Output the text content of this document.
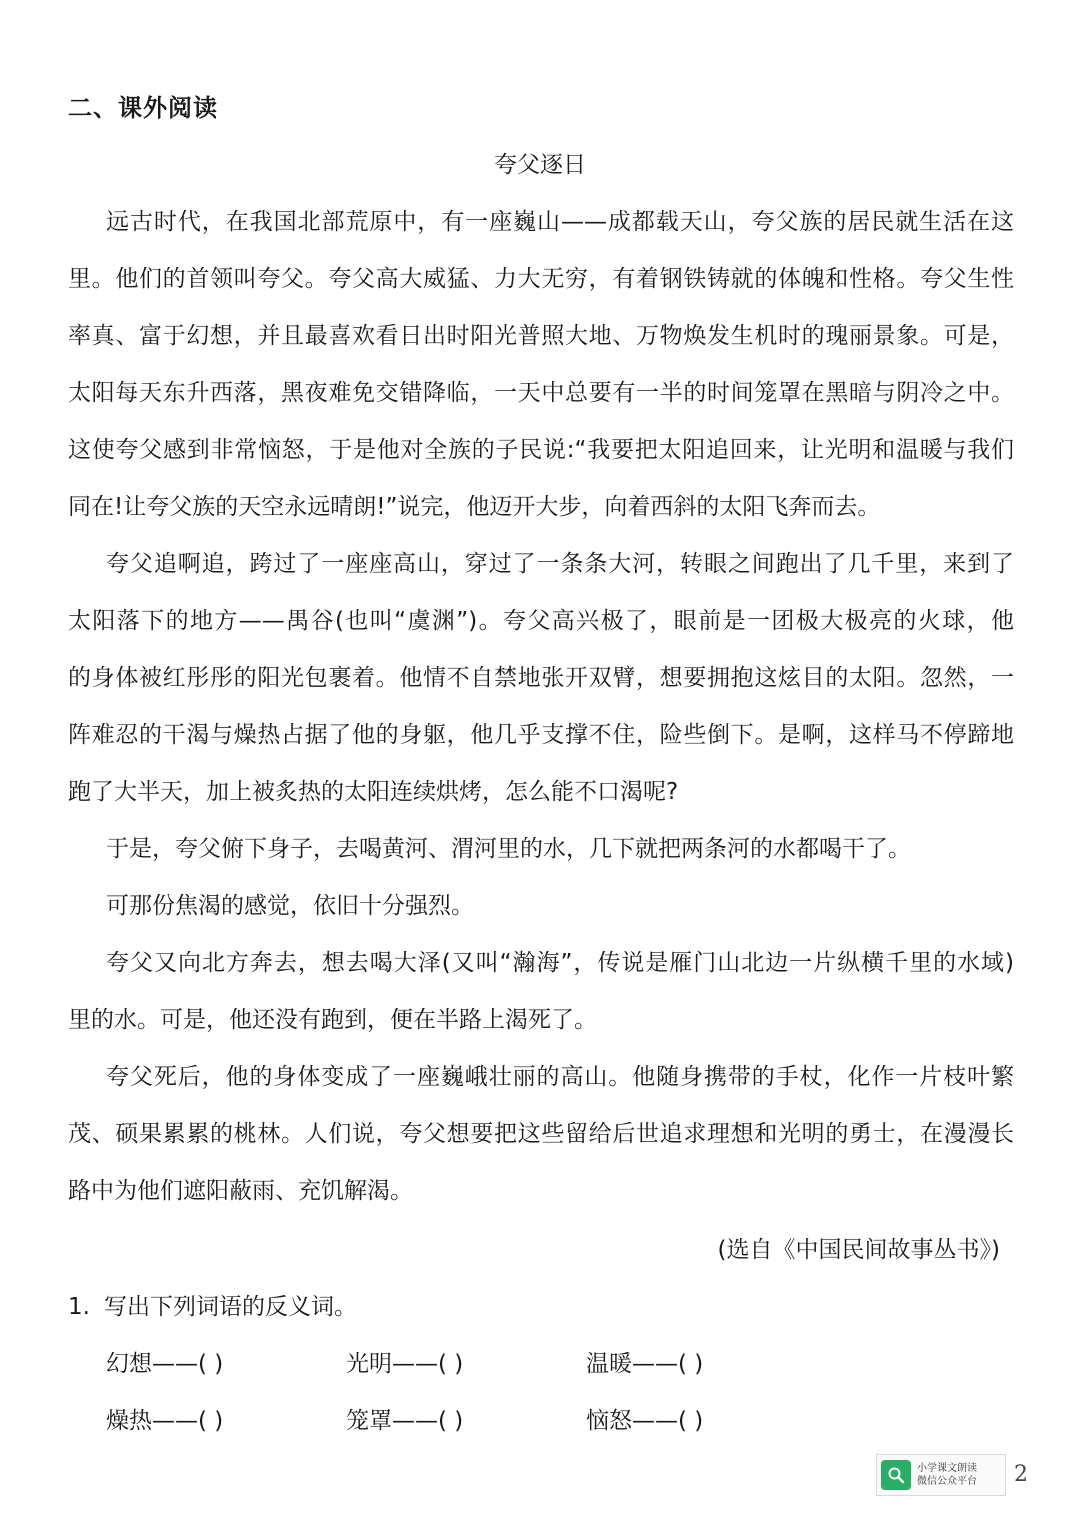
二、课外阅读
夸父逐日
远古时代，在我国北部荒原中，有一座巍山——成都载天山，夸父族的居民就生活在这
里。他们的首领叫夸父。夸父高大威猛、力大无穷，有着钢铁铸就的体魄和性格。夸父生性
率真、富于幻想，并且最喜欢看日出时阳光普照大地、万物焕发生机时的瑰丽景象。可是，
太阳每天东升西落，黑夜难免交错降临，一天中总要有一半的时间笼罩在黑暗与阴冷之中。
这使夸父感到非常恼怒，于是他对全族的子民说:“我要把太阳追回来，让光明和温暖与我们
同在!让夸父族的天空永远晴朗!”说完，他迈开大步，向着西斜的太阳飞奔而去。
夸父追啊追，跨过了一座座高山，穿过了一条条大河，转眼之间跑出了几千里，来到了
太阳落下的地方——禺谷(也叫“虞渊”)。夸父高兴极了，眼前是一团极大极亮的火球，他
的身体被红彤彤的阳光包裹着。他情不自禁地张开双臂，想要拥抱这炫目的太阳。忽然，一
阵难忍的干渴与燥热占据了他的身躯，他几乎支撑不住，险些倒下。是啊，这样马不停蹄地
跑了大半天，加上被炙热的太阳连续烘烤，怎么能不口渴呢?
于是，夸父俯下身子，去喝黄河、渭河里的水，几下就把两条河的水都喝干了。
可那份焦渴的感觉，依旧十分强烈。
夸父又向北方奔去，想去喝大泽(又叫“瀚海”，传说是雁门山北边一片纵横千里的水域)
里的水。可是，他还没有跑到，便在半路上渴死了。
夸父死后，他的身体变成了一座巍峨壮丽的高山。他随身携带的手杖，化作一片枝叶繁
茂、硕果累累的桃林。人们说，夸父想要把这些留给后世追求理想和光明的勇士，在漫漫长
路中为他们遮阳蔽雨、充饥解渴。
(选自《中国民间故事丛书》)
1. 写出下列词语的反义词。
幻想——( )	光明——( )	温暖——( )
燥热——( )	笼罩——( )	恼怒——( )
小学课文朗读
微信公众平台 2
